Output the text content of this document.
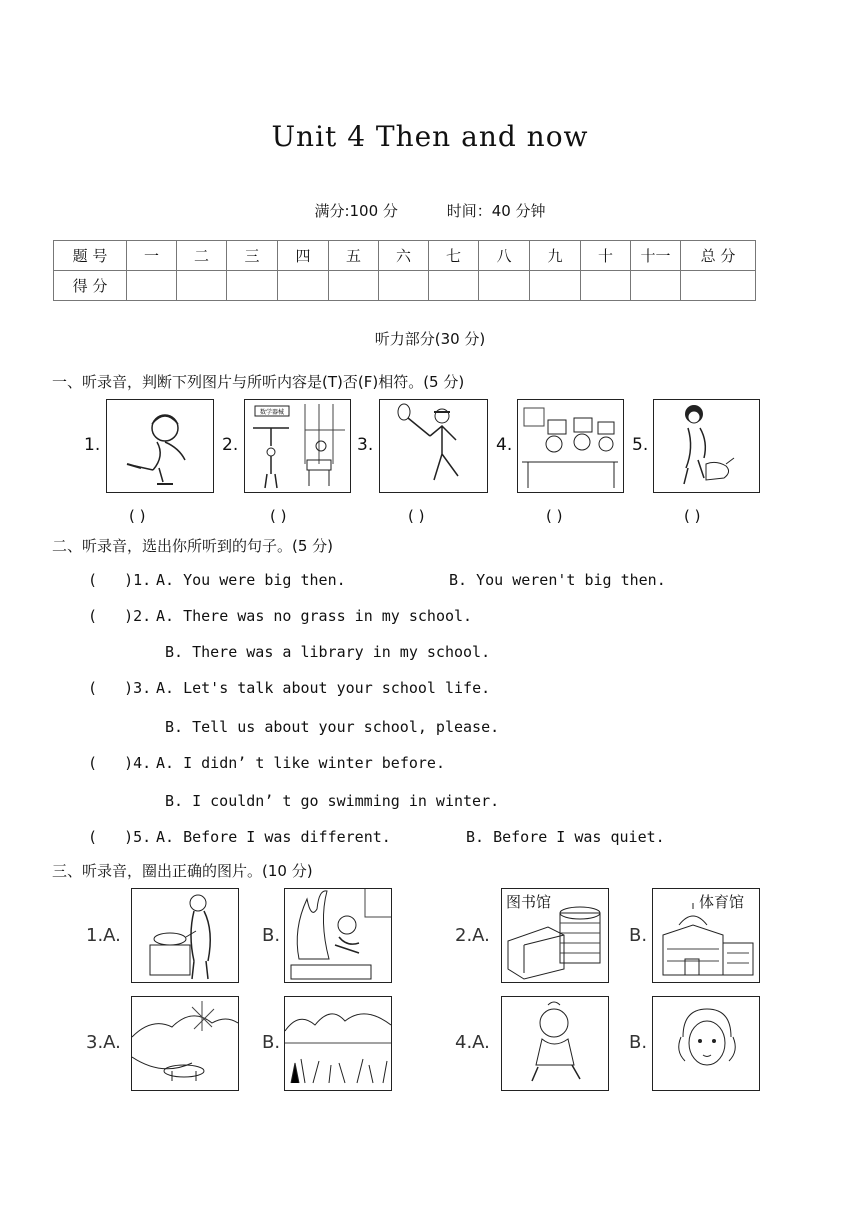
Unit 4 Then and now
满分:100 分	时间：40 分钟
题 号	一	二	三	四	五	六	七	八	九	十	十一	总 分
得 分												
听力部分(30 分)
一、听录音，判断下列图片与所听内容是(T)否(F)相符。(5 分)
1.	2.
数学器械
3.	4.	5.
( )	( )	( )	( )	( )
二、听录音，选出你所听到的句子。(5 分)
(   )1. A. You were big then.	B. You weren't big then.
(   )2. A. There was no grass in my school.
B. There was a library in my school.
(   )3. A. Let's talk about your school life.
B. Tell us about your school, please.
(   )4. A. I didn’ t like winter before.
B. I couldn’ t go swimming in winter.
(   )5. A. Before I was different.	B. Before I was quiet.
三、听录音，圈出正确的图片。(10 分)
1.A.	B.	2.A.
图书馆
B.
体育馆
3.A.	B.	4.A.	B.
